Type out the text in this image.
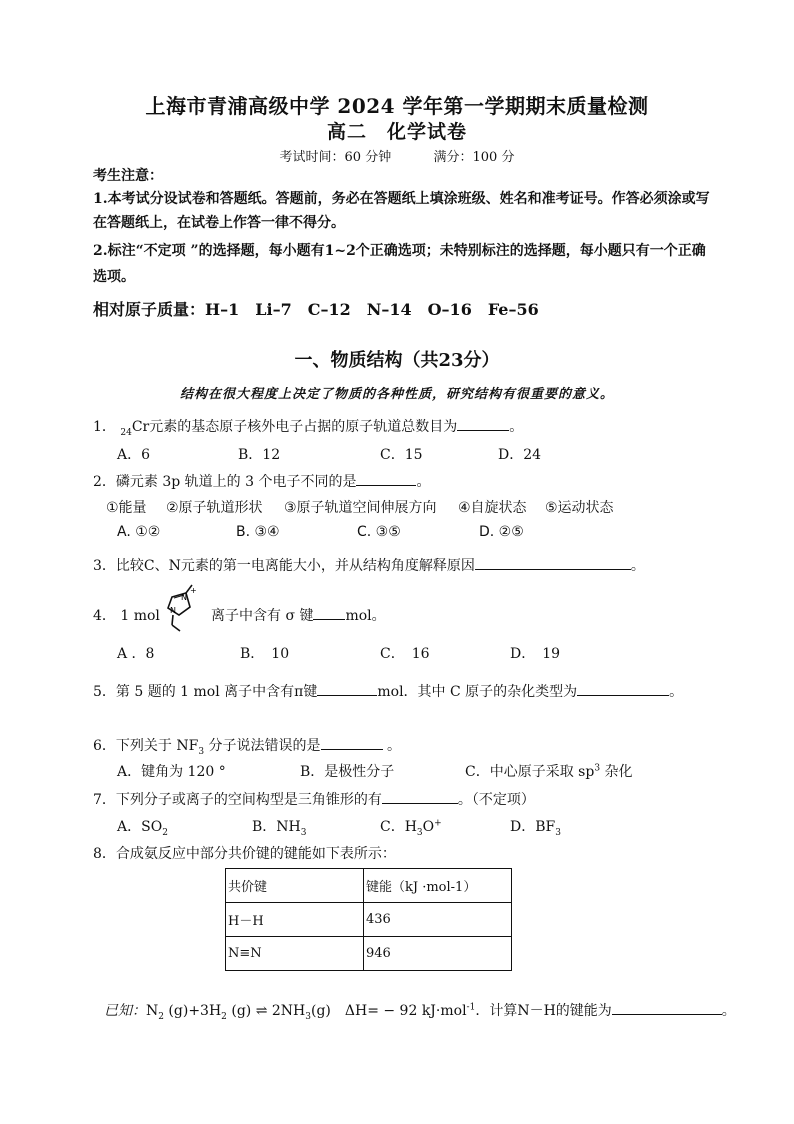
上海市青浦高级中学 2024 学年第一学期期末质量检测
高二　化学试卷
考试时间：60 分钟	满分：100 分
考生注意：
1.本考试分设试卷和答题纸。答题前，务必在答题纸上填涂班级、姓名和准考证号。作答必须涂或写
在答题纸上，在试卷上作答一律不得分。
2.标注“不定项 ”的选择题，每小题有1~2个正确选项；未特别标注的选择题，每小题只有一个正确
选项。
相对原子质量：H–1　Li–7　C–12　N–14　O–16　Fe–56
一、物质结构（共23分）
结构在很大程度上决定了物质的各种性质，研究结构有很重要的意义。
1． $_{24}$Cr元素的基态原子核外电子占据的原子轨道总数目为	。
A．6	B．12	C．15	D．24
2．磷元素 3p 轨道上的 3 个电子不同的是	。
①能量 ②原子轨道形状 ③原子轨道空间伸展方向 ④自旋状态 ⑤运动状态
A. ①②	B. ③④	C. ③⑤	D. ②⑤
3．比较C、N元素的第一电离能大小，并从结构角度解释原因	。
4． 1 mol
N
+
N	离子中含有 σ 键 mol。
A ．8	B．　10	C．　16	D．　19
5．第 5 题的 1 mol 离子中含有π键	mol．其中 C 原子的杂化类型为	。
6．下列关于 $NF_3$ 分子说法错误的是	。
A．键角为 120 °	B．是极性分子	C．中心原子采取 $sp^3$ 杂化
7．下列分子或离子的空间构型是三角锥形的有	。（不定项）
A．$SO_2$	B．$NH_3$	C．$H_3O^+$	D．$BF_3$
8．合成氨反应中部分共价键的键能如下表所示：
共价键	键能（kJ ·mol-1）
H－H	436
N≡N	946
已知：$N_2$ $(g)+3H_2$ (g) ⇌ $2NH_3(g)$　ΔH= − 92 kJ·mol$^{-1}$．计算N－H的键能为	。
